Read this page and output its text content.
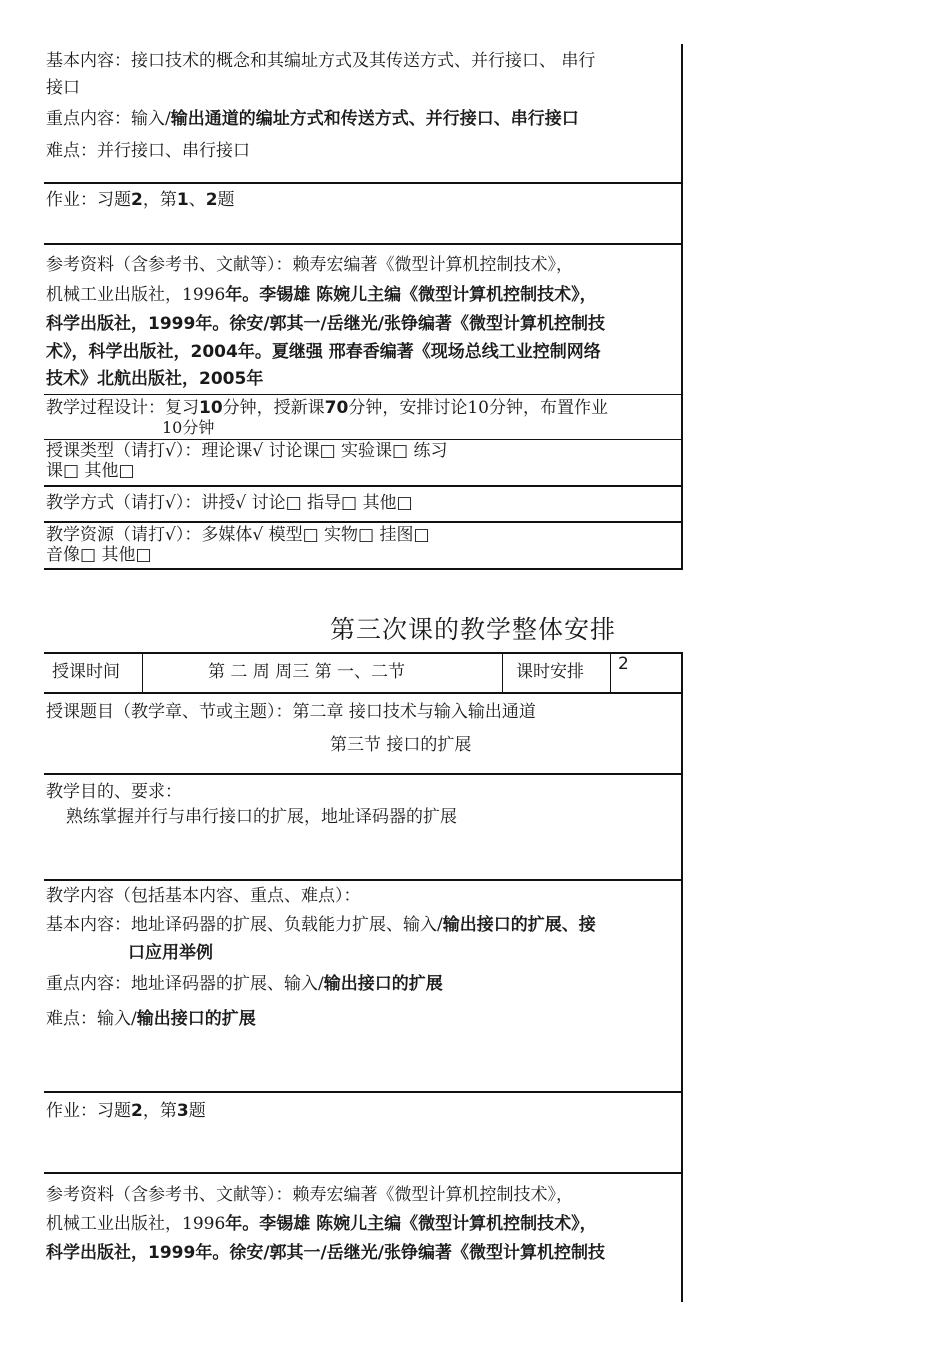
基本内容：接口技术的概念和其编址方式及其传送方式、并行接口、 串行
接口
重点内容：输入/输出通道的编址方式和传送方式、并行接口、串行接口
难点：并行接口、串行接口
作业：习题2，第1、2题
参考资料（含参考书、文献等）：赖寿宏编著《微型计算机控制技术》，
机械工业出版社，1996年。李锡雄 陈婉儿主编《微型计算机控制技术》，
科学出版社，1999年。徐安/郭其一/岳继光/张铮编著《微型计算机控制技
术》，科学出版社，2004年。夏继强 邢春香编著《现场总线工业控制网络
技术》北航出版社，2005年
教学过程设计：复习10分钟，授新课70分钟，安排讨论10分钟，布置作业
10分钟
授课类型（请打√）：理论课√ 讨论课□ 实验课□ 练习
课□ 其他□
教学方式（请打√）：讲授√ 讨论□ 指导□ 其他□
教学资源（请打√）：多媒体√ 模型□ 实物□ 挂图□
音像□ 其他□
第三次课的教学整体安排
授课时间	第 二 周 周三 第 一、二节	课时安排 2
授课题目（教学章、节或主题）：第二章 接口技术与输入输出通道
第三节 接口的扩展
教学目的、要求：
熟练掌握并行与串行接口的扩展，地址译码器的扩展
教学内容（包括基本内容、重点、难点）：
基本内容：地址译码器的扩展、负载能力扩展、输入/输出接口的扩展、接
口应用举例
重点内容：地址译码器的扩展、输入/输出接口的扩展
难点：输入/输出接口的扩展
作业：习题2，第3题
参考资料（含参考书、文献等）：赖寿宏编著《微型计算机控制技术》，
机械工业出版社，1996年。李锡雄 陈婉儿主编《微型计算机控制技术》，
科学出版社，1999年。徐安/郭其一/岳继光/张铮编著《微型计算机控制技
